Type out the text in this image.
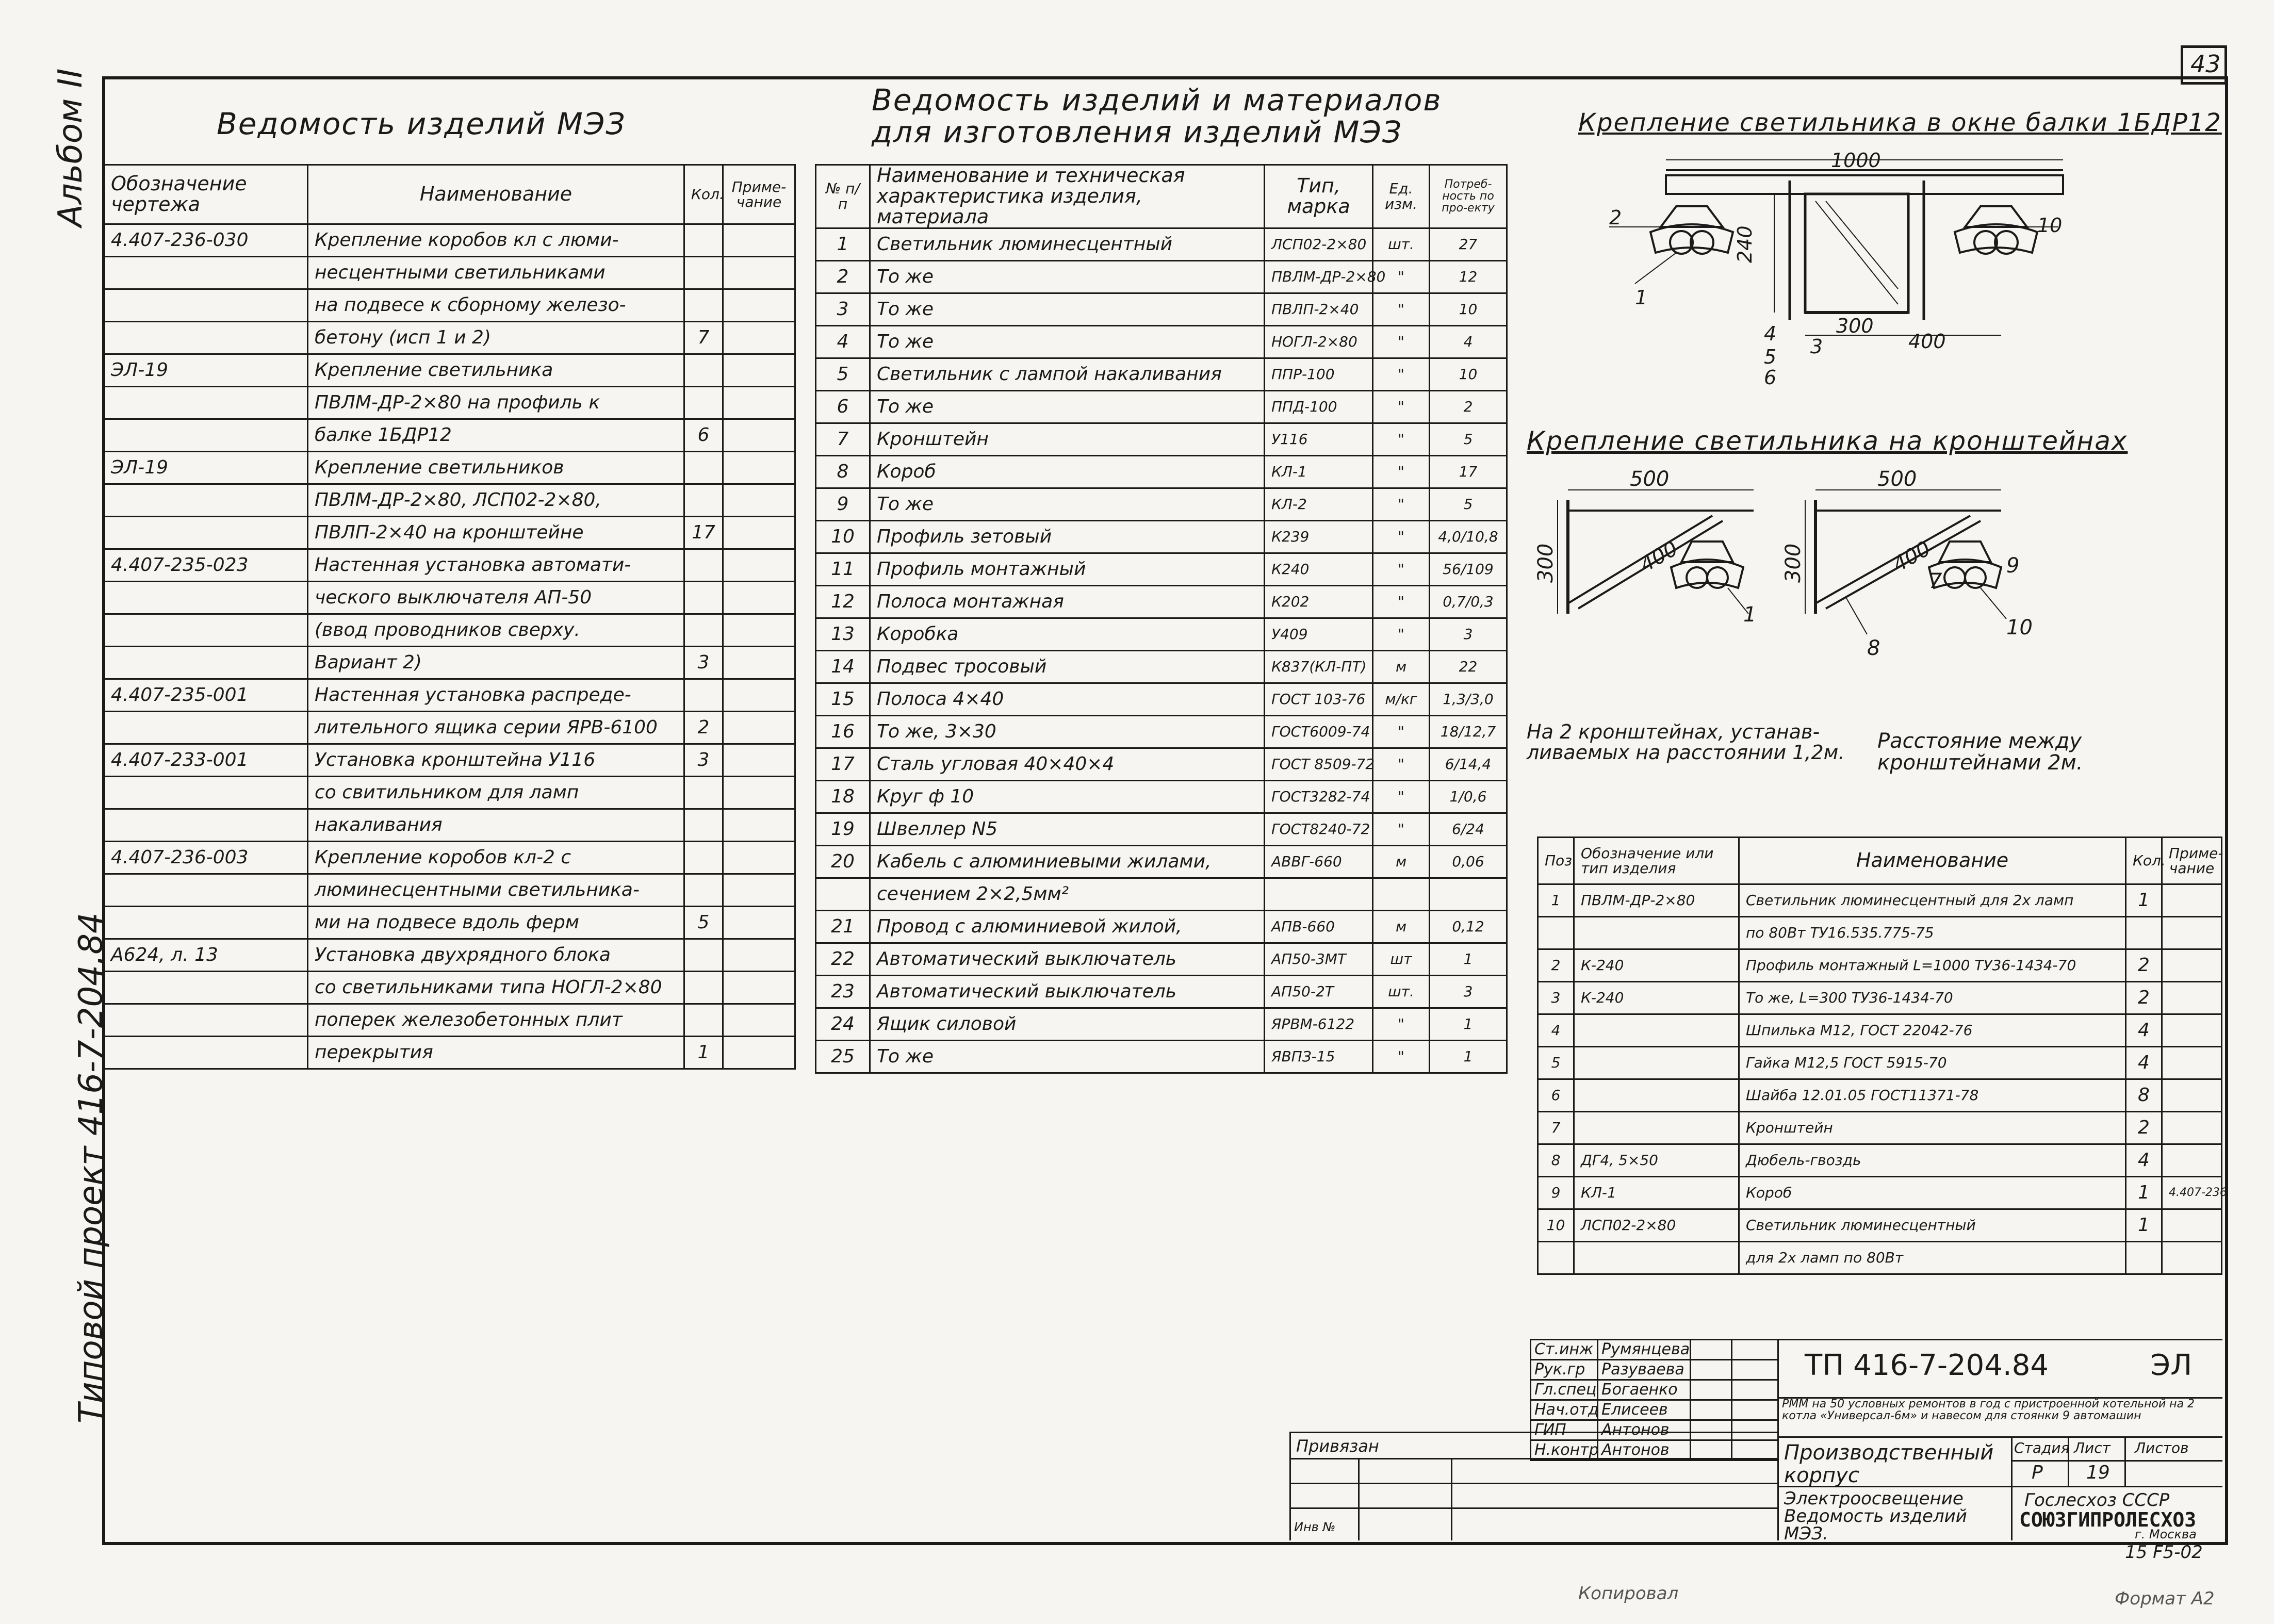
43
Альбом II
Типовой проект 416-7-204.84
Ведомость изделий МЭЗ
Обозначение чертежа	Наименование	Кол.	Приме-чание
4.407-236-030	Крепление коробов кл с люми-		
	несцентными светильниками		
	на подвесе к сборному железо-		
	бетону (исп 1 и 2)	7	
ЭЛ-19	Крепление светильника		
	ПВЛМ-ДР-2×80 на профиль к		
	балке 1БДР12	6	
ЭЛ-19	Крепление светильников		
	ПВЛМ-ДР-2×80, ЛСП02-2×80,		
	ПВЛП-2×40 на кронштейне	17	
4.407-235-023	Настенная установка автомати-		
	ческого выключателя АП-50		
	(ввод проводников сверху.		
	Вариант 2)	3	
4.407-235-001	Настенная установка распреде-		
	лительного ящика серии ЯРВ-6100	2	
4.407-233-001	Установка кронштейна У116	3	
	со свитильником для ламп		
	накаливания		
4.407-236-003	Крепление коробов кл-2 с		
	люминесцентными светильника-		
	ми на подвесе вдоль ферм	5	
А624, л. 13	Установка двухрядного блока		
	со светильниками типа НОГЛ-2×80		
	поперек железобетонных плит		
	перекрытия	1	
Ведомость изделий и материалов
для изготовления изделий МЭЗ
№ п/п	Наименование и техническая характеристика изделия, материала	Тип, марка	Ед. изм.	Потреб-ность по про-екту
1	Светильник люминесцентный	ЛСП02-2×80	шт.	27
2	То же	ПВЛМ-ДР-2×80	"	12
3	То же	ПВЛП-2×40	"	10
4	То же	НОГЛ-2×80	"	4
5	Светильник с лампой накаливания	ППР-100	"	10
6	То же	ППД-100	"	2
7	Кронштейн	У116	"	5
8	Короб	КЛ-1	"	17
9	То же	КЛ-2	"	5
10	Профиль зетовый	К239	"	4,0/10,8
11	Профиль монтажный	К240	"	56/109
12	Полоса монтажная	К202	"	0,7/0,3
13	Коробка	У409	"	3
14	Подвес тросовый	К837(КЛ-ПТ)	м	22
15	Полоса 4×40	ГОСТ 103-76	м/кг	1,3/3,0
16	То же, 3×30	ГОСТ6009-74	"	18/12,7
17	Сталь угловая 40×40×4	ГОСТ 8509-72	"	6/14,4
18	Круг ф 10	ГОСТ3282-74	"	1/0,6
19	Швеллер N5	ГОСТ8240-72	"	6/24
20	Кабель с алюминиевыми жилами,	АВВГ-660	м	0,06
	сечением 2×2,5мм²			
21	Провод с алюминиевой жилой,	АПВ-660	м	0,12
22	Автоматический выключатель	АП50-3МТ	шт	1
23	Автоматический выключатель	АП50-2Т	шт.	3
24	Ящик силовой	ЯРВМ-6122	"	1
25	То же	ЯВПЗ-15	"	1
Крепление светильника в окне балки 1БДР12
1000
240
300
400
2	10
1
4
5
6
3
Крепление светильника на кронштейнах
500	500
300	300
400	400
1
9
7
8
10
На 2 кронштейнах, устанав-ливаемых на расстоянии 1,2м. Расстояние между кронштейнами 2м.
Поз.	Обозначение или тип изделия	Наименование	Кол.	Приме-чание
1	ПВЛМ-ДР-2×80	Светильник люминесцентный для 2х ламп	1	
		по 80Вт ТУ16.535.775-75		
2	К-240	Профиль монтажный L=1000 ТУ36-1434-70	2	
3	К-240	То же, L=300 ТУ36-1434-70	2	
4		Шпилька М12, ГОСТ 22042-76	4	
5		Гайка М12,5 ГОСТ 5915-70	4	
6		Шайба 12.01.05 ГОСТ11371-78	8	
7		Кронштейн	2	
8	ДГ4, 5×50	Дюбель-гвоздь	4	
9	КЛ-1	Короб	1	4.407-236
10	ЛСП02-2×80	Светильник люминесцентный	1	
		для 2х ламп по 80Вт		
Ст.инж	Румянцева		
Рук.гр	Разуваева		
Гл.спец	Богаенко		
Нач.отд	Елисеев		
ГИП	Антонов		
Н.контр	Антонов		
Привязан
Инв №
ТП 416-7-204.84	ЭЛ
РММ на 50 условных ремонтов в год с пристроенной котельной на 2 котла «Универсал-6м» и навесом для стоянки 9 автомашин
Производственный корпус
Стадия Лист Листов
Р 19
Электроосвещение Ведомость изделий МЭЗ.
Гослесхоз СССР
СОЮЗГИПРОЛЕСХОЗ
г. Москва
15 F5-02
Копировал	Формат А2
